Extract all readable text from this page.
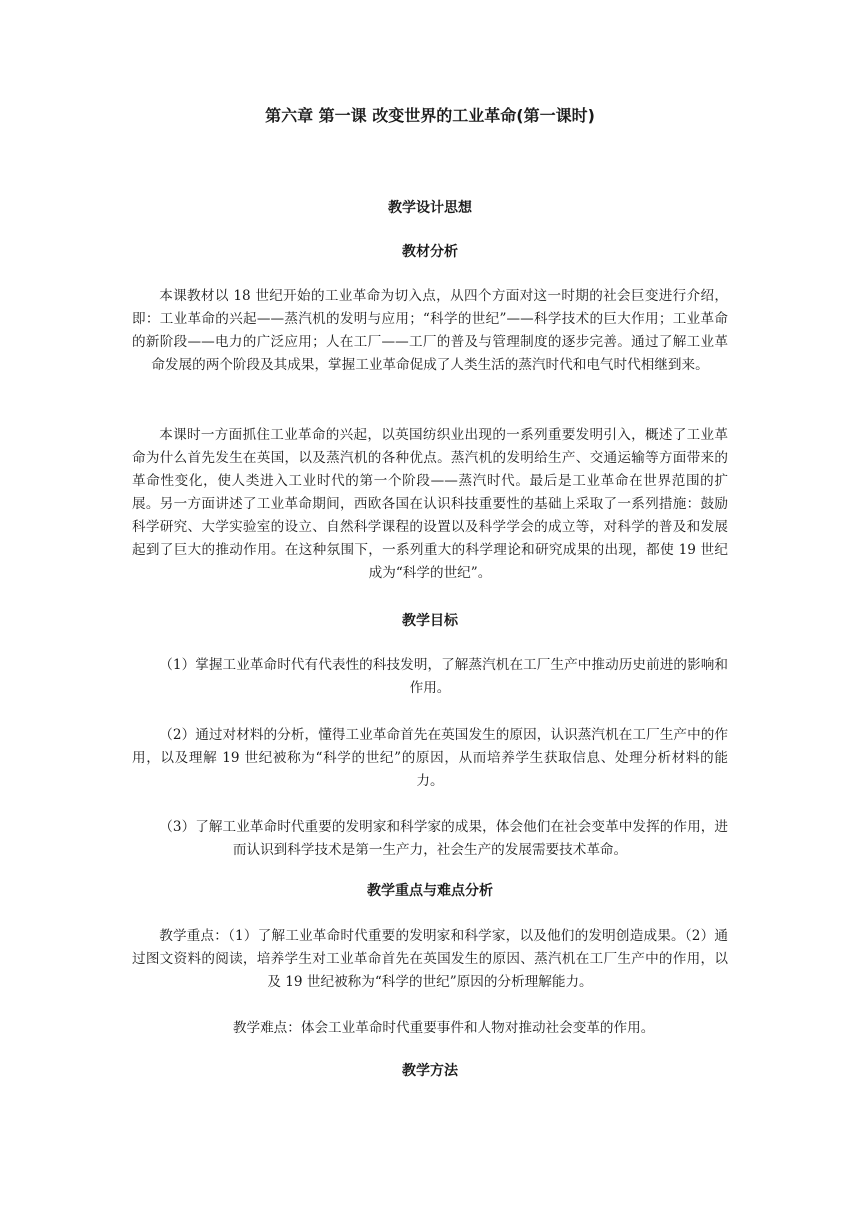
第六章 第一课 改变世界的工业革命(第一课时)
教学设计思想
教材分析

本课教材以 18 世纪开始的工业革命为切入点，从四个方面对这一时期的社会巨变进行介绍，即：工业革命的兴起——蒸汽机的发明与应用；“科学的世纪”——科学技术的巨大作用；工业革命的新阶段——电力的广泛应用；人在工厂——工厂的普及与管理制度的逐步完善。通过了解工业革命发展的两个阶段及其成果，掌握工业革命促成了人类生活的蒸汽时代和电气时代相继到来。

本课时一方面抓住工业革命的兴起，以英国纺织业出现的一系列重要发明引入，概述了工业革命为什么首先发生在英国，以及蒸汽机的各种优点。蒸汽机的发明给生产、交通运输等方面带来的革命性变化，使人类进入工业时代的第一个阶段——蒸汽时代。最后是工业革命在世界范围的扩展。另一方面讲述了工业革命期间，西欧各国在认识科技重要性的基础上采取了一系列措施：鼓励科学研究、大学实验室的设立、自然科学课程的设置以及科学学会的成立等，对科学的普及和发展起到了巨大的推动作用。在这种氛围下，一系列重大的科学理论和研究成果的出现，都使 19 世纪成为“科学的世纪”。

教学目标

（1）掌握工业革命时代有代表性的科技发明，了解蒸汽机在工厂生产中推动历史前进的影响和作用。

（2）通过对材料的分析，懂得工业革命首先在英国发生的原因，认识蒸汽机在工厂生产中的作用，以及理解 19 世纪被称为“科学的世纪”的原因，从而培养学生获取信息、处理分析材料的能力。

（3）了解工业革命时代重要的发明家和科学家的成果，体会他们在社会变革中发挥的作用，进而认识到科学技术是第一生产力，社会生产的发展需要技术革命。

教学重点与难点分析

教学重点：（1）了解工业革命时代重要的发明家和科学家，以及他们的发明创造成果。（2）通过图文资料的阅读，培养学生对工业革命首先在英国发生的原因、蒸汽机在工厂生产中的作用，以及 19 世纪被称为“科学的世纪”原因的分析理解能力。

教学难点：体会工业革命时代重要事件和人物对推动社会变革的作用。

教学方法
